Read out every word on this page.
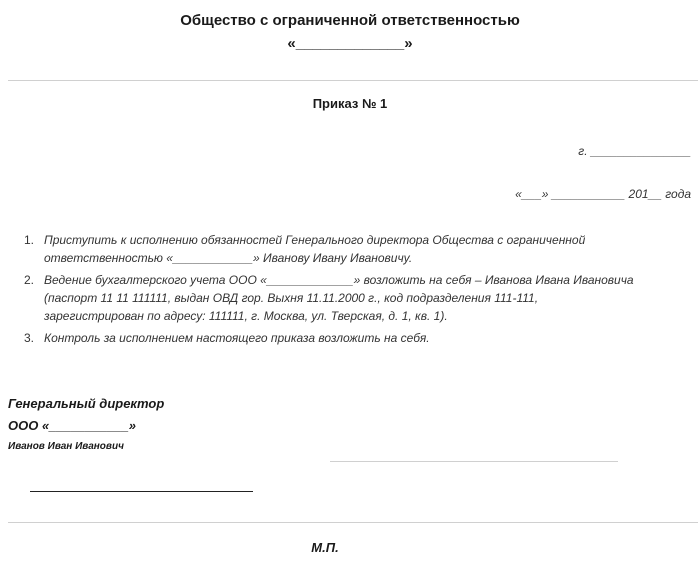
Общество с ограниченной ответственностью
«_____________»
Приказ № 1
г. _______________
«___» ___________ 201__ года
1. Приступить к исполнению обязанностей Генерального директора Общества с ограниченной
ответственностью «____________» Иванову Ивану Ивановичу.
2. Ведение бухгалтерского учета ООО «_____________» возложить на себя – Иванова Ивана Ивановича
(паспорт 11 11 111111, выдан ОВД гор. Выхня 11.11.2000 г., код подразделения 111-111,
зарегистрирован по адресу: 111111, г. Москва, ул. Тверская, д. 1, кв. 1).
3. Контроль за исполнением настоящего приказа возложить на себя.
Генеральный директор
ООО «___________»
Иванов Иван Иванович
М.П.
